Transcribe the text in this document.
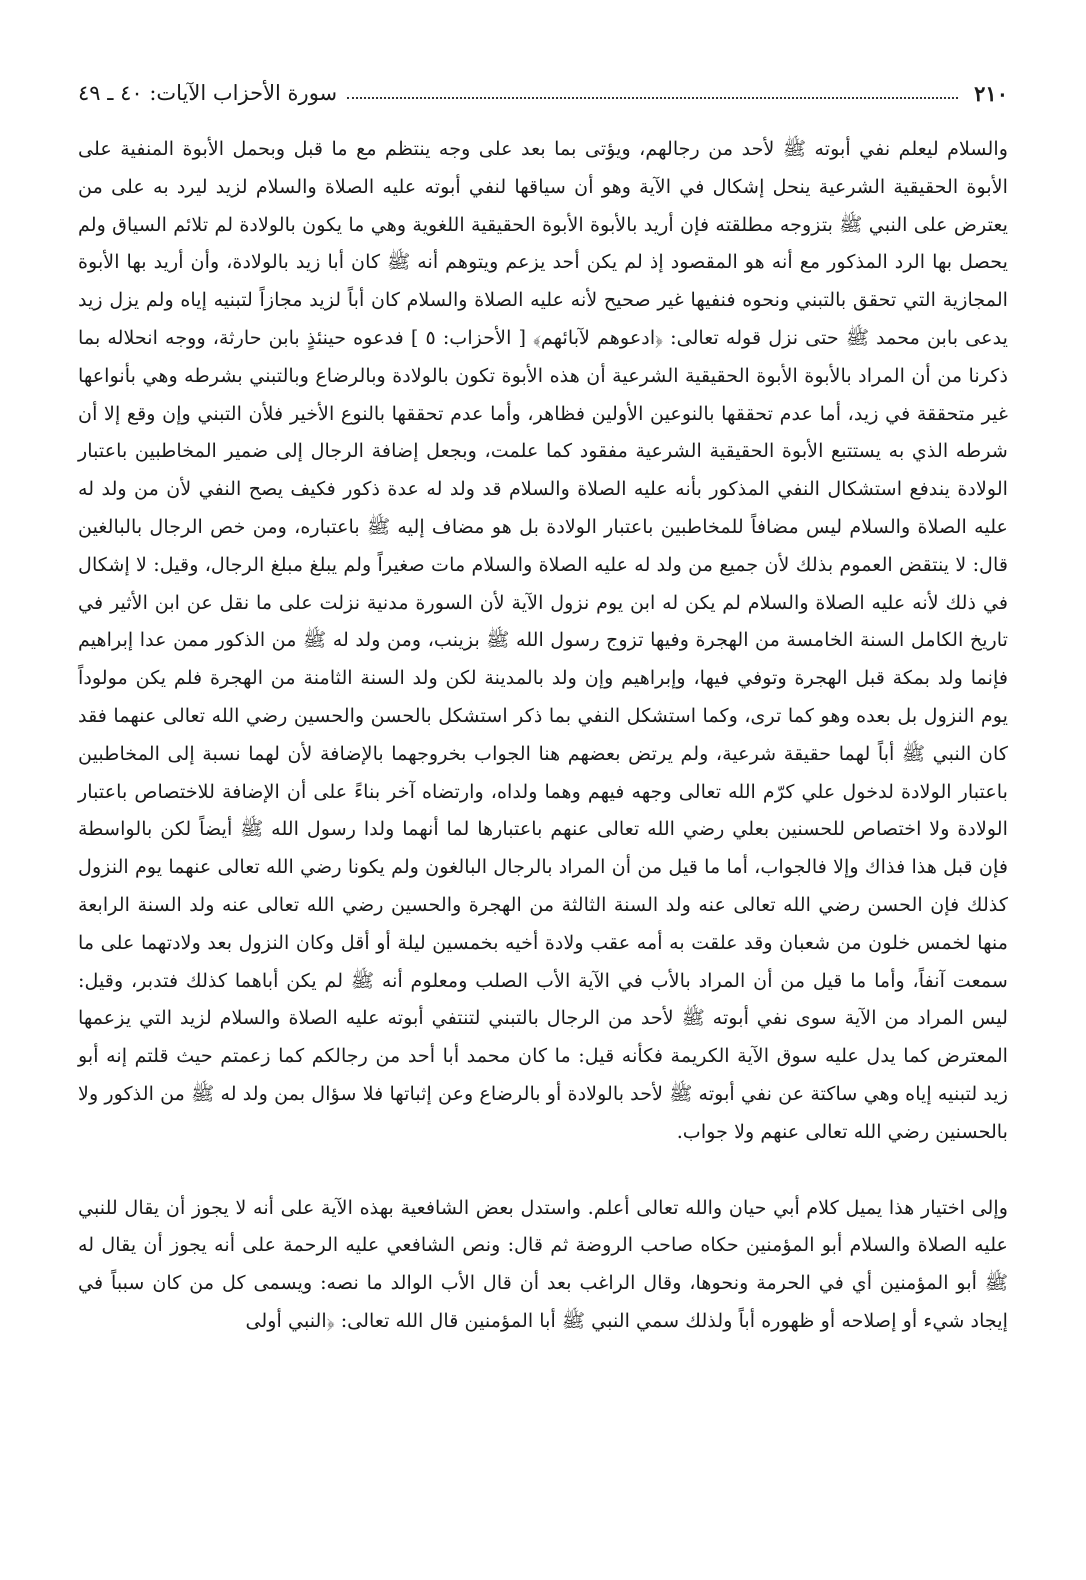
٢١٠
سورة الأحزاب الآيات: ٤٠ ـ ٤٩

والسلام ليعلم نفي أبوته ﷺ لأحد من رجالهم، ويؤتى بما بعد على وجه ينتظم مع ما قبل وبحمل الأبوة المنفية على الأبوة الحقيقية الشرعية ينحل إشكال في الآية وهو أن سياقها لنفي أبوته عليه الصلاة والسلام لزيد ليرد به على من يعترض على النبي ﷺ بتزوجه مطلقته فإن أريد بالأبوة الأبوة الحقيقية اللغوية وهي ما يكون بالولادة لم تلائم السياق ولم يحصل بها الرد المذكور مع أنه هو المقصود إذ لم يكن أحد يزعم ويتوهم أنه ﷺ كان أبا زيد بالولادة، وأن أريد بها الأبوة المجازية التي تحقق بالتبني ونحوه فنفيها غير صحيح لأنه عليه الصلاة والسلام كان أباً لزيد مجازاً لتبنيه إياه ولم يزل زيد يدعى بابن محمد ﷺ حتى نزل قوله تعالى: ﴿ادعوهم لآبائهم﴾ [ الأحزاب: ٥ ] فدعوه حينئذٍ بابن حارثة، ووجه انحلاله بما ذكرنا من أن المراد بالأبوة الأبوة الحقيقية الشرعية أن هذه الأبوة تكون بالولادة وبالرضاع وبالتبني بشرطه وهي بأنواعها غير متحققة في زيد، أما عدم تحققها بالنوعين الأولين فظاهر، وأما عدم تحققها بالنوع الأخير فلأن التبني وإن وقع إلا أن شرطه الذي به يستتبع الأبوة الحقيقية الشرعية مفقود كما علمت، وبجعل إضافة الرجال إلى ضمير المخاطبين باعتبار الولادة يندفع استشكال النفي المذكور بأنه عليه الصلاة والسلام قد ولد له عدة ذكور فكيف يصح النفي لأن من ولد له عليه الصلاة والسلام ليس مضافاً للمخاطبين باعتبار الولادة بل هو مضاف إليه ﷺ باعتباره، ومن خص الرجال بالبالغين قال: لا ينتقض العموم بذلك لأن جميع من ولد له عليه الصلاة والسلام مات صغيراً ولم يبلغ مبلغ الرجال، وقيل: لا إشكال في ذلك لأنه عليه الصلاة والسلام لم يكن له ابن يوم نزول الآية لأن السورة مدنية نزلت على ما نقل عن ابن الأثير في تاريخ الكامل السنة الخامسة من الهجرة وفيها تزوج رسول الله ﷺ بزينب، ومن ولد له ﷺ من الذكور ممن عدا إبراهيم فإنما ولد بمكة قبل الهجرة وتوفي فيها، وإبراهيم وإن ولد بالمدينة لكن ولد السنة الثامنة من الهجرة فلم يكن مولوداً يوم النزول بل بعده وهو كما ترى، وكما استشكل النفي بما ذكر استشكل بالحسن والحسين رضي الله تعالى عنهما فقد كان النبي ﷺ أباً لهما حقيقة شرعية، ولم يرتض بعضهم هنا الجواب بخروجهما بالإضافة لأن لهما نسبة إلى المخاطبين باعتبار الولادة لدخول علي كرّم الله تعالى وجهه فيهم وهما ولداه، وارتضاه آخر بناءً على أن الإضافة للاختصاص باعتبار الولادة ولا اختصاص للحسنين بعلي رضي الله تعالى عنهم باعتبارها لما أنهما ولدا رسول الله ﷺ أيضاً لكن بالواسطة فإن قبل هذا فذاك وإلا فالجواب، أما ما قيل من أن المراد بالرجال البالغون ولم يكونا رضي الله تعالى عنهما يوم النزول كذلك فإن الحسن رضي الله تعالى عنه ولد السنة الثالثة من الهجرة والحسين رضي الله تعالى عنه ولد السنة الرابعة منها لخمس خلون من شعبان وقد علقت به أمه عقب ولادة أخيه بخمسين ليلة أو أقل وكان النزول بعد ولادتهما على ما سمعت آنفاً، وأما ما قيل من أن المراد بالأب في الآية الأب الصلب ومعلوم أنه ﷺ لم يكن أباهما كذلك فتدبر، وقيل: ليس المراد من الآية سوى نفي أبوته ﷺ لأحد من الرجال بالتبني لتنتفي أبوته عليه الصلاة والسلام لزيد التي يزعمها المعترض كما يدل عليه سوق الآية الكريمة فكأنه قيل: ما كان محمد أبا أحد من رجالكم كما زعمتم حيث قلتم إنه أبو زيد لتبنيه إياه وهي ساكتة عن نفي أبوته ﷺ لأحد بالولادة أو بالرضاع وعن إثباتها فلا سؤال بمن ولد له ﷺ من الذكور ولا بالحسنين رضي الله تعالى عنهم ولا جواب.

وإلى اختيار هذا يميل كلام أبي حيان والله تعالى أعلم. واستدل بعض الشافعية بهذه الآية على أنه لا يجوز أن يقال للنبي عليه الصلاة والسلام أبو المؤمنين حكاه صاحب الروضة ثم قال: ونص الشافعي عليه الرحمة على أنه يجوز أن يقال له ﷺ أبو المؤمنين أي في الحرمة ونحوها، وقال الراغب بعد أن قال الأب الوالد ما نصه: ويسمى كل من كان سبباً في إيجاد شيء أو إصلاحه أو ظهوره أباً ولذلك سمي النبي ﷺ أبا المؤمنين قال الله تعالى: ﴿النبي أولى
